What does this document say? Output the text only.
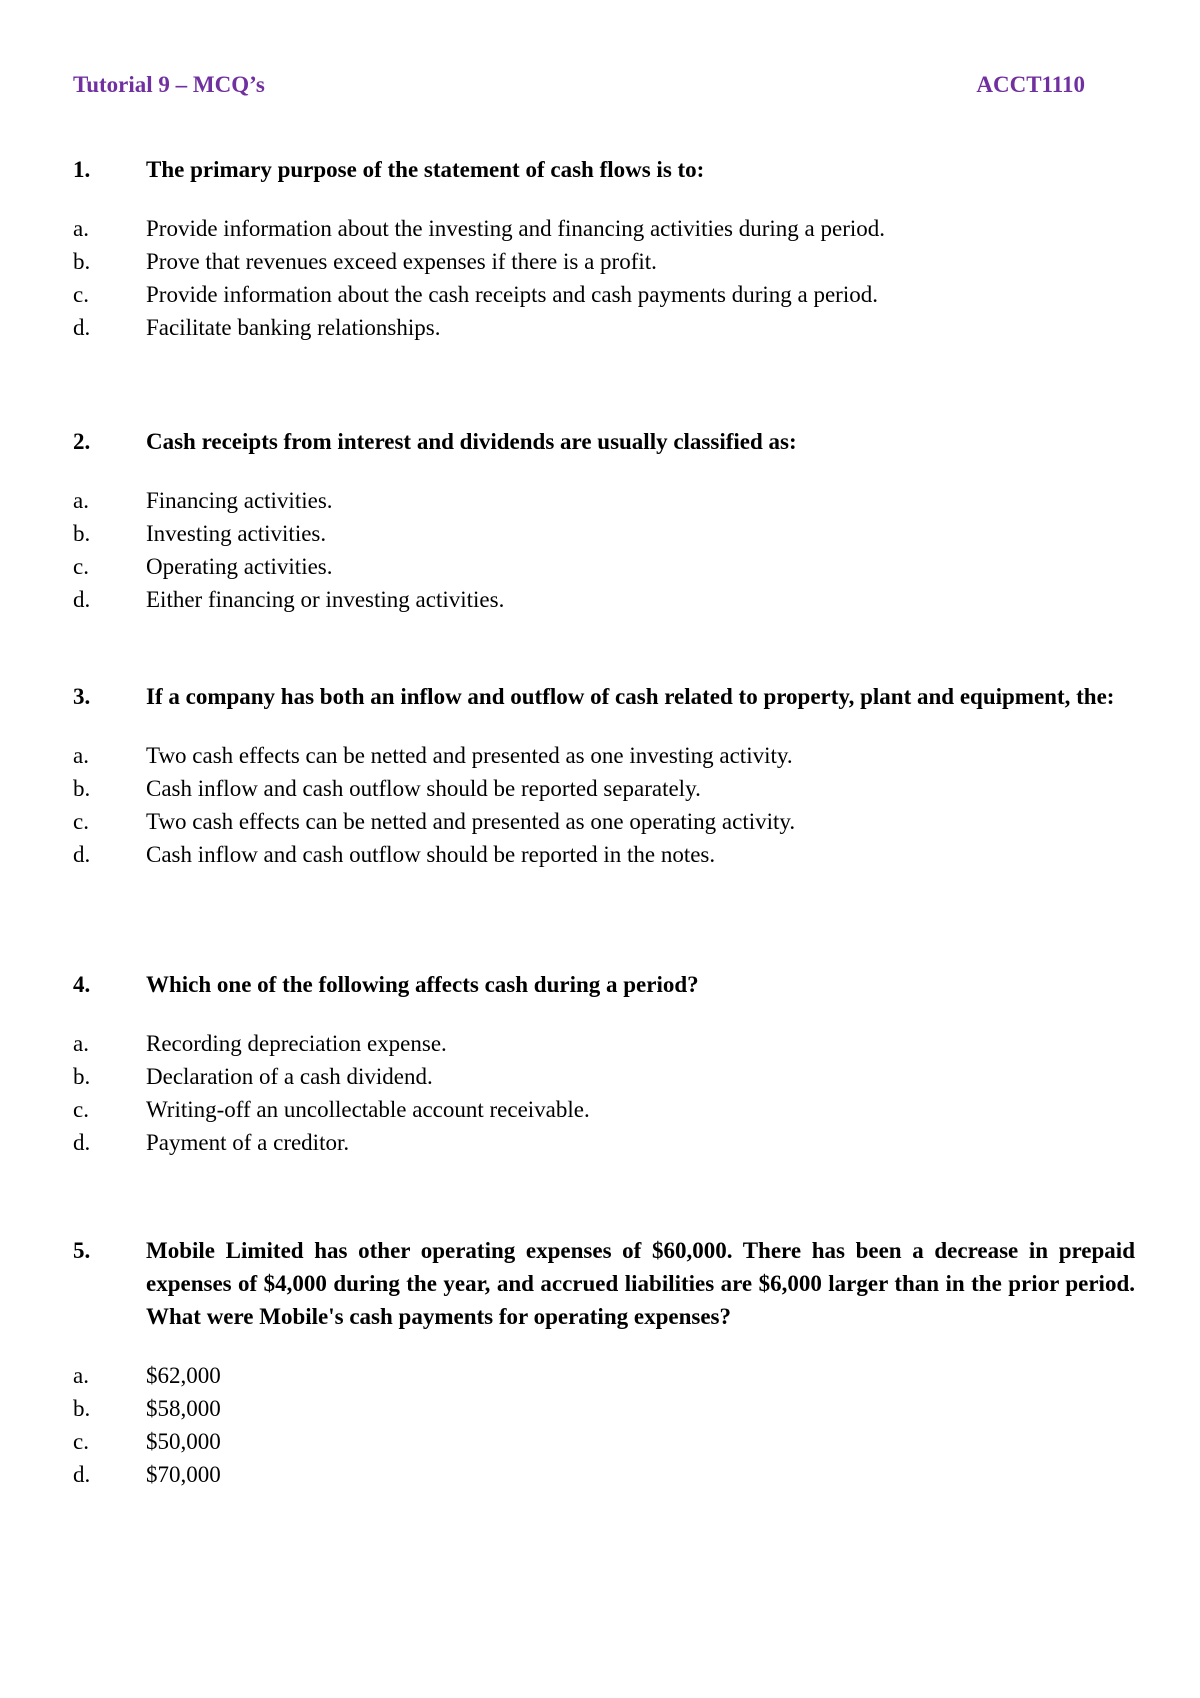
Tutorial 9 – MCQ’s	ACCT1110
1.	The primary purpose of the statement of cash flows is to:
a. Provide information about the investing and financing activities during a period.
b. Prove that revenues exceed expenses if there is a profit.
c. Provide information about the cash receipts and cash payments during a period.
d. Facilitate banking relationships.
2.	Cash receipts from interest and dividends are usually classified as:
a. Financing activities.
b. Investing activities.
c. Operating activities.
d. Either financing or investing activities.
3.	If a company has both an inflow and outflow of cash related to property, plant and equipment, the:
a. Two cash effects can be netted and presented as one investing activity.
b. Cash inflow and cash outflow should be reported separately.
c. Two cash effects can be netted and presented as one operating activity.
d. Cash inflow and cash outflow should be reported in the notes.
4.	Which one of the following affects cash during a period?
a. Recording depreciation expense.
b. Declaration of a cash dividend.
c. Writing-off an uncollectable account receivable.
d. Payment of a creditor.
5.	Mobile Limited has other operating expenses of $60,000. There has been a decrease in prepaid expenses of $4,000 during the year, and accrued liabilities are $6,000 larger than in the prior period. What were Mobile's cash payments for operating expenses?
a. $62,000
b. $58,000
c. $50,000
d. $70,000
